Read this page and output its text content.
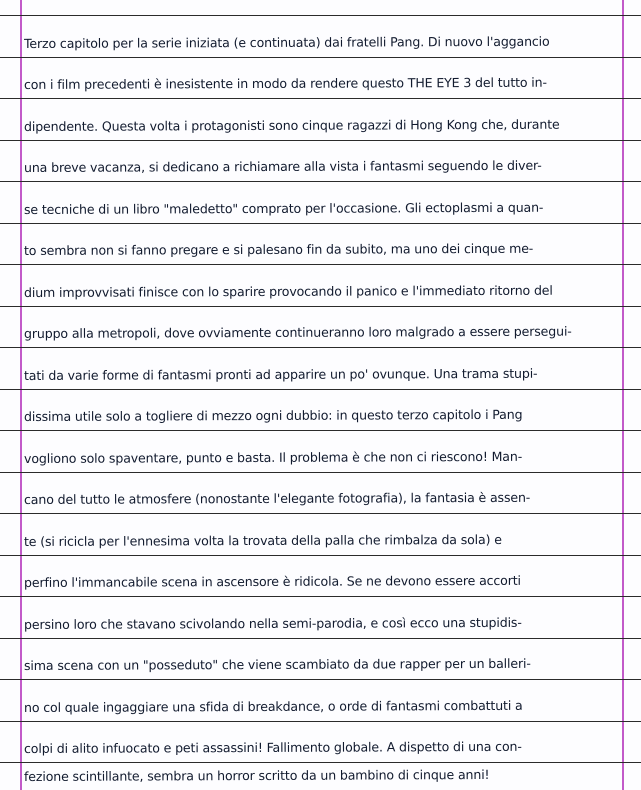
Terzo capitolo per la serie iniziata (e continuata) dai fratelli Pang. Di nuovo l'aggancio
con i film precedenti è inesistente in modo da rendere questo THE EYE 3 del tutto in-
dipendente. Questa volta i protagonisti sono cinque ragazzi di Hong Kong che, durante
una breve vacanza, si dedicano a richiamare alla vista i fantasmi seguendo le diver-
se tecniche di un libro "maledetto" comprato per l'occasione. Gli ectoplasmi a quan-
to sembra non si fanno pregare e si palesano fin da subito, ma uno dei cinque me-
dium improvvisati finisce con lo sparire provocando il panico e l'immediato ritorno del
gruppo alla metropoli, dove ovviamente continueranno loro malgrado a essere persegui-
tati da varie forme di fantasmi pronti ad apparire un po' ovunque. Una trama stupi-
dissima utile solo a togliere di mezzo ogni dubbio: in questo terzo capitolo i Pang
vogliono solo spaventare, punto e basta. Il problema è che non ci riescono! Man-
cano del tutto le atmosfere (nonostante l'elegante fotografia), la fantasia è assen-
te (si ricicla per l'ennesima volta la trovata della palla che rimbalza da sola) e
perfino l'immancabile scena in ascensore è ridicola. Se ne devono essere accorti
persino loro che stavano scivolando nella semi-parodia, e così ecco una stupidis-
sima scena con un "posseduto" che viene scambiato da due rapper per un balleri-
no col quale ingaggiare una sfida di breakdance, o orde di fantasmi combattuti a
colpi di alito infuocato e peti assassini! Fallimento globale. A dispetto di una con-
fezione scintillante, sembra un horror scritto da un bambino di cinque anni!
